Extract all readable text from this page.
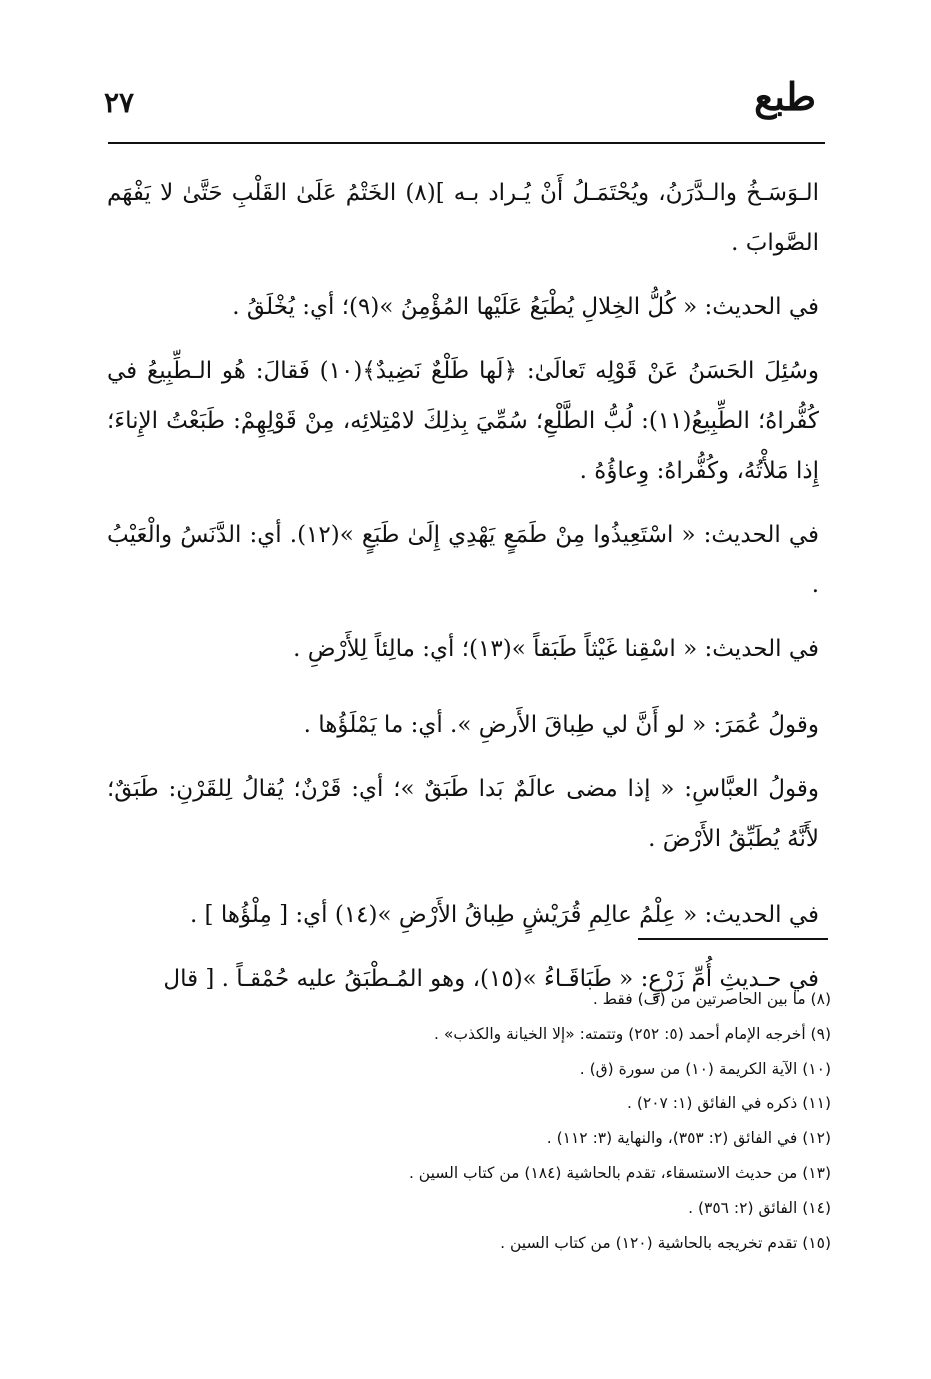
طبع
٢٧

الـوَسَـخُ والـدَّرَنُ، ويُحْتَمَـلُ أَنْ يُـراد بـه ](٨) الخَتْمُ عَلَىٰ القَلْبِ حَتَّىٰ لا يَفْهَم الصَّوابَ .

في الحديث: « كُلُّ الخِلالِ يُطْبَعُ عَلَيْها المُؤْمِنُ »(٩)؛ أي: يُخْلَقُ .

وسُئِلَ الحَسَنُ عَنْ قَوْلِه تَعالَىٰ: ﴿لَها طَلْعٌ نَضِيدٌ﴾(١٠) فَقالَ: هُو الـطِّبِيعُ في كُفُّراهُ؛ الطِّبِيعُ(١١): لُبُّ الطَّلْعِ؛ سُمِّيَ بِذلِكَ لامْتِلائِه، مِنْ قَوْلِهِمْ: طَبَعْتُ الإِناءَ؛ إِذا مَلأْتُهُ، وكُفُّراهُ: وِعاؤُهُ .

في الحديث: « اسْتَعِيذُوا مِنْ طَمَعٍ يَهْدِي إِلَىٰ طَبَعٍ »(١٢). أي: الدَّنَسُ والْعَيْبُ .

في الحديث: « اسْقِنا غَيْثاً طَبَقاً »(١٣)؛ أي: مالِئاً لِلأَرْضِ .

وقولُ عُمَرَ: « لو أَنَّ لي طِباقَ الأَرضِ ». أي: ما يَمْلَؤُها .

وقولُ العبَّاسِ: « إذا مضى عالَمٌ بَدا طَبَقٌ »؛ أي: قَرْنٌ؛ يُقالُ لِلقَرْنِ: طَبَقٌ؛ لأَنَّهُ يُطَبِّقُ الأَرْضَ .

في الحديث: « عِلْمُ عالِمِ قُرَيْشٍ طِباقُ الأَرْضِ »(١٤) أي: [ مِلْؤُها ] .

في حـديثِ أُمِّ زَرْعٍ: « طَبَاقَـاءُ »(١٥)، وهو المُـطْبَقُ عليه حُمْقـاً . [ قال

(٨) ما بين الحاصرتين من (ف) فقط .
(٩) أخرجه الإمام أحمد (٥: ٢٥٢) وتتمته: «إلا الخيانة والكذب» .
(١٠) الآية الكريمة (١٠) من سورة (ق) .
(١١) ذكره في الفائق (١: ٢٠٧) .
(١٢) في الفائق (٢: ٣٥٣)، والنهاية (٣: ١١٢) .
(١٣) من حديث الاستسقاء، تقدم بالحاشية (١٨٤) من كتاب السين .
(١٤) الفائق (٢: ٣٥٦) .
(١٥) تقدم تخريجه بالحاشية (١٢٠) من كتاب السين .
